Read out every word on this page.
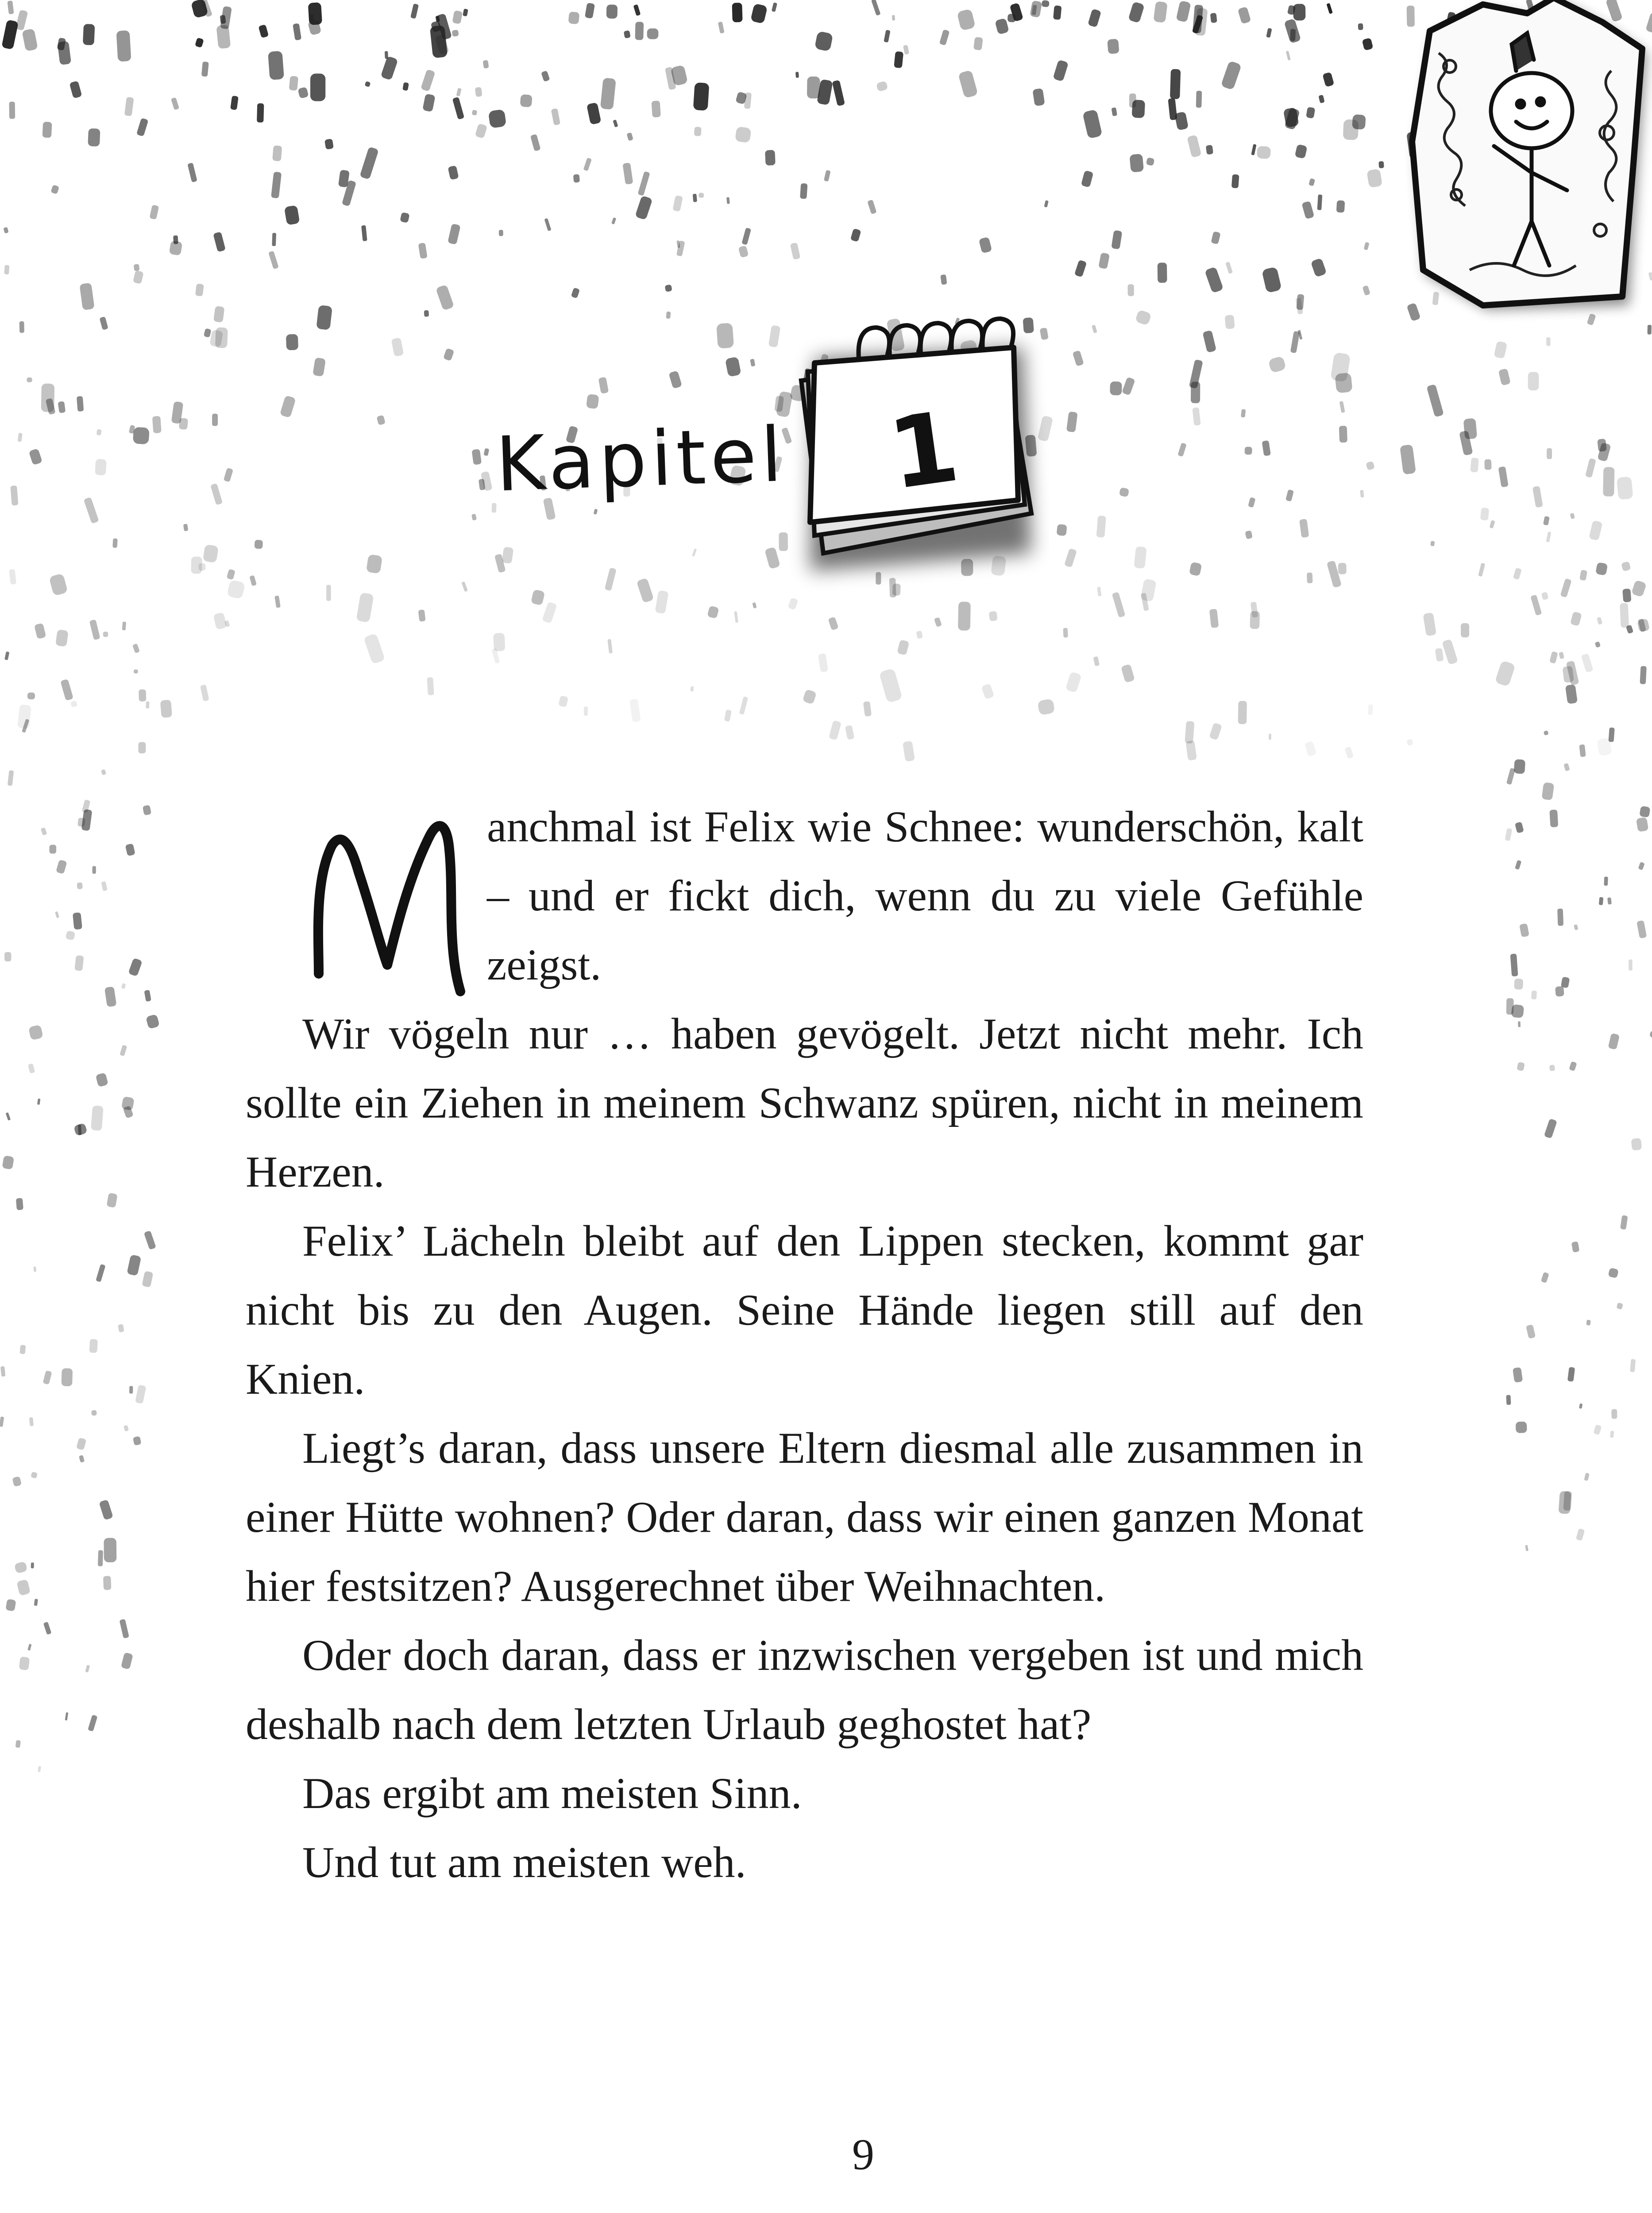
Kapitel 1

anchmal ist Felix wie Schnee: wunderschön, kalt – und er fickt dich, wenn du zu viele Gefühle zeigst.

Wir vögeln nur … haben gevögelt. Jetzt nicht mehr. Ich sollte ein Ziehen in meinem Schwanz spüren, nicht in meinem Herzen.

Felix’ Lächeln bleibt auf den Lippen stecken, kommt gar nicht bis zu den Augen. Seine Hände liegen still auf den Knien.

Liegt’s daran, dass unsere Eltern diesmal alle zusammen in einer Hütte wohnen? Oder daran, dass wir einen ganzen Monat hier festsitzen? Ausgerechnet über Weihnachten.

Oder doch daran, dass er inzwischen vergeben ist und mich deshalb nach dem letzten Urlaub geghostet hat?

Das ergibt am meisten Sinn.

Und tut am meisten weh.

9
